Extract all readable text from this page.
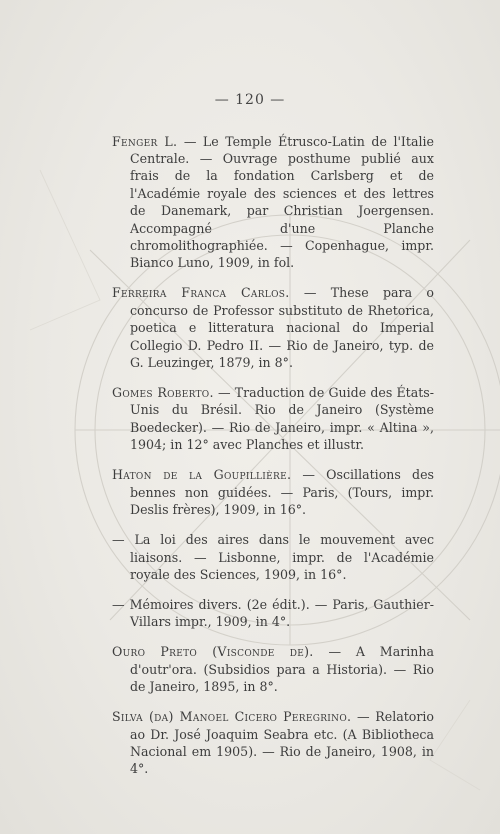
— 120 —

Fenger L. — Le Temple Étrusco-Latin de l'Italie Centrale. — Ouvrage posthume publié aux frais de la fondation Carlsberg et de l'Académie royale des sciences et des lettres de Danemark, par Christian Joergensen. Accompagné d'une Planche chromolithographiée. — Copenhague, impr. Bianco Luno, 1909, in fol.

Ferreira Franca Carlos. — These para o concurso de Professor substituto de Rhetorica, poetica e litteratura nacional do Imperial Collegio D. Pedro II. — Rio de Janeiro, typ. de G. Leuzinger, 1879, in 8°.

Gomes Roberto. — Traduction de Guide des États-Unis du Brésil. Rio de Janeiro (Système Boedecker). — Rio de Janeiro, impr. « Altina », 1904; in 12° avec Planches et illustr.

Haton de la Goupillière. — Oscillations des bennes non guidées. — Paris, (Tours, impr. Deslis frères), 1909, in 16°.

— La loi des aires dans le mouvement avec liaisons. — Lisbonne, impr. de l'Académie royale des Sciences, 1909, in 16°.

— Mémoires divers. (2e édit.). — Paris, Gauthier-Villars impr., 1909, in 4°.

Ouro Preto (Visconde de). — A Marinha d'outr'ora. (Subsidios para a Historia). — Rio de Janeiro, 1895, in 8°.

Silva (da) Manoel Cicero Peregrino. — Relatorio ao Dr. José Joaquim Seabra etc. (A Bibliotheca Nacional em 1905). — Rio de Janeiro, 1908, in 4°.
